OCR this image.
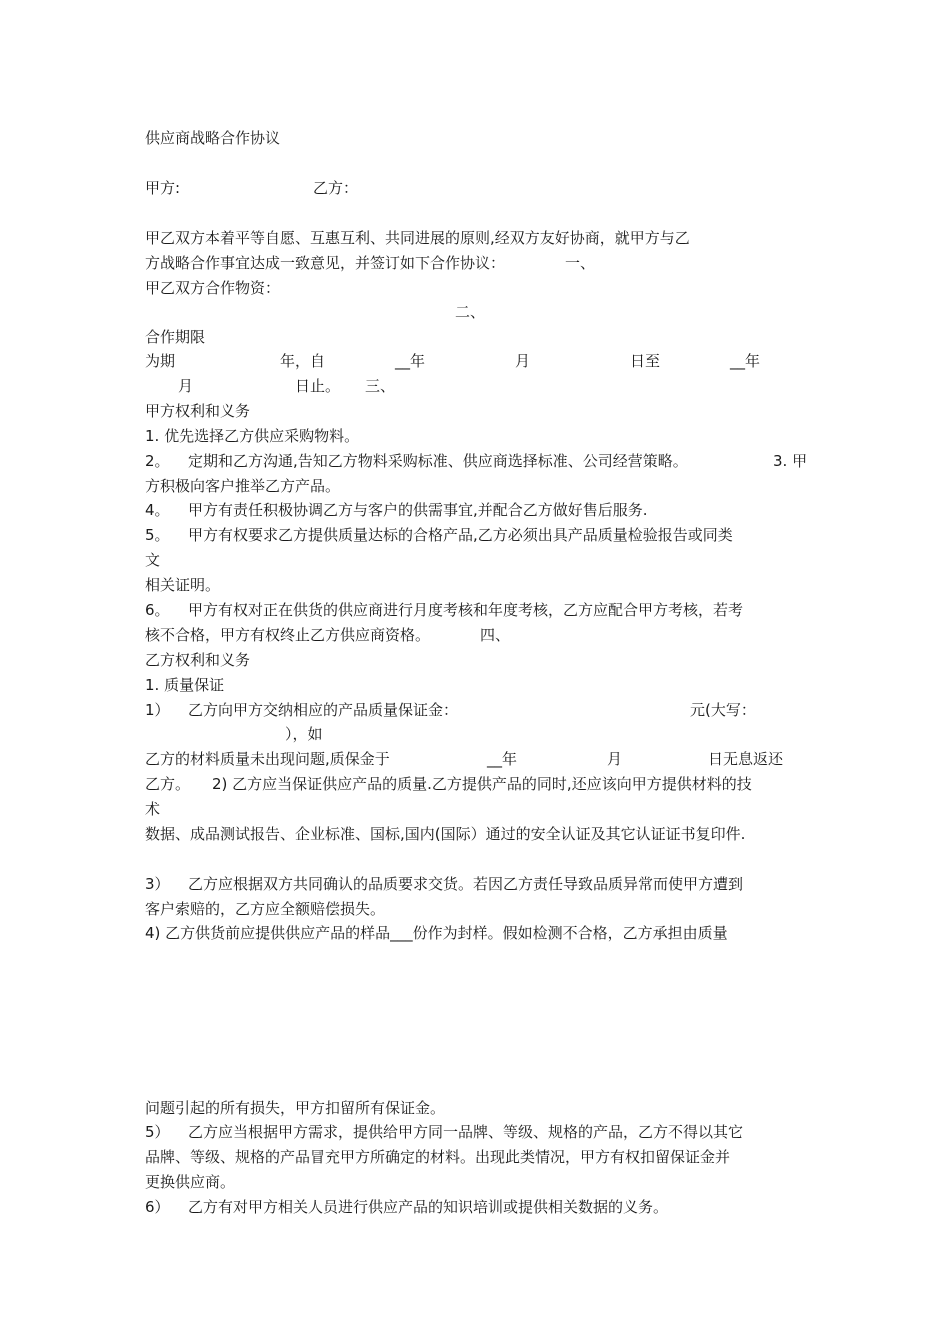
供应商战略合作协议
甲方:	乙方：
甲乙双方本着平等自愿、互惠互利、共同进展的原则,经双方友好协商，就甲方与乙
方战略合作事宜达成一致意见，并签订如下合作协议：	一、
甲乙双方合作物资：
二、
合作期限
为期	年，自	__年	月	日至	__年
月	日止。 三、
甲方权利和义务
1. 优先选择乙方供应采购物料。
2。 定期和乙方沟通,告知乙方物料采购标准、供应商选择标准、公司经营策略。	3. 甲
方积极向客户推举乙方产品。
4。 甲方有责任积极协调乙方与客户的供需事宜,并配合乙方做好售后服务.
5。 甲方有权要求乙方提供质量达标的合格产品,乙方必须出具产品质量检验报告或同类
文
相关证明。
6。 甲方有权对正在供货的供应商进行月度考核和年度考核，乙方应配合甲方考核，若考
核不合格，甲方有权终止乙方供应商资格。	四、
乙方权利和义务
1. 质量保证
1） 乙方向甲方交纳相应的产品质量保证金：	元(大写：
），如
乙方的材料质量未出现问题,质保金于	__年	月	日无息返还
乙方。 2) 乙方应当保证供应产品的质量.乙方提供产品的同时,还应该向甲方提供材料的技
术
数据、成品测试报告、企业标准、国标,国内(国际）通过的安全认证及其它认证证书复印件.
3） 乙方应根据双方共同确认的品质要求交货。若因乙方责任导致品质异常而使甲方遭到
客户索赔的，乙方应全额赔偿损失。
4) 乙方供货前应提供供应产品的样品___份作为封样。假如检测不合格，乙方承担由质量
问题引起的所有损失，甲方扣留所有保证金。
5） 乙方应当根据甲方需求，提供给甲方同一品牌、等级、规格的产品，乙方不得以其它
品牌、等级、规格的产品冒充甲方所确定的材料。出现此类情况，甲方有权扣留保证金并
更换供应商。
6） 乙方有对甲方相关人员进行供应产品的知识培训或提供相关数据的义务。
